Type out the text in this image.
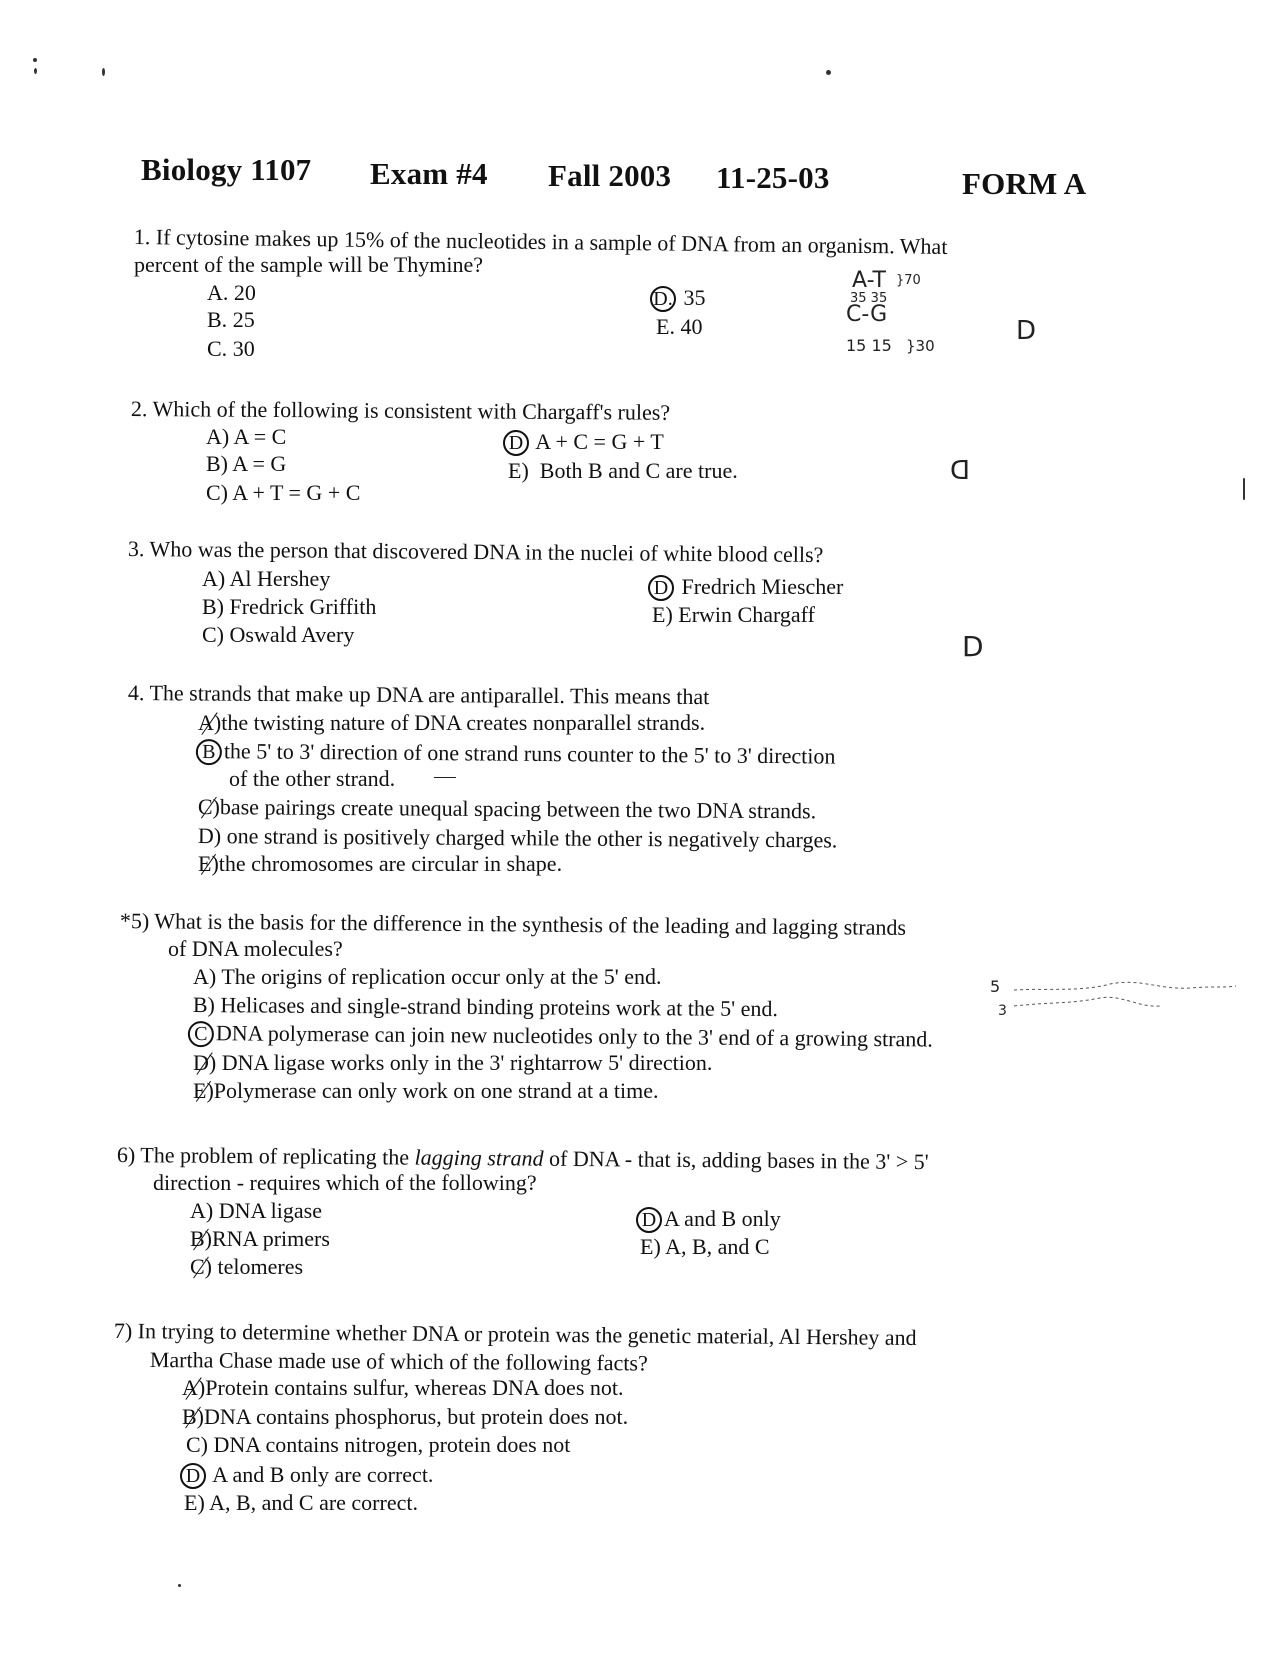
Biology 1107 Exam #4 Fall 2003 11-25-03	FORM A
1. If cytosine makes up 15% of the nucleotides in a sample of DNA from an organism. What
percent of the sample will be Thymine?
A. 20
B. 25
C. 30
D. 35
E. 40
A-T }70
35 35
C-G
15 15 }30	D
2. Which of the following is consistent with Chargaff's rules?
A) A = C
B) A = G
C) A + T = G + C
D A + C = G + T
E) Both B and C are true.	D
3. Who was the person that discovered DNA in the nuclei of white blood cells?
A) Al Hershey
B) Fredrick Griffith
C) Oswald Avery
D Fredrich Miescher
E) Erwin Chargaff
D
4. The strands that make up DNA are antiparallel. This means that
A)the twisting nature of DNA creates nonparallel strands.
B the 5' to 3' direction of one strand runs counter to the 5' to 3' direction
of the other strand.
C)base pairings create unequal spacing between the two DNA strands.
D) one strand is positively charged while the other is negatively charges.
E)the chromosomes are circular in shape.
*5) What is the basis for the difference in the synthesis of the leading and lagging strands
of DNA molecules?
A) The origins of replication occur only at the 5' end.
B) Helicases and single-strand binding proteins work at the 5' end.
C DNA polymerase can join new nucleotides only to the 3' end of a growing strand.
D) DNA ligase works only in the 3' rightarrow 5' direction.
E)Polymerase can only work on one strand at a time.
5
3
6) The problem of replicating the lagging strand of DNA - that is, adding bases in the 3' > 5'
direction - requires which of the following?
A) DNA ligase
B)RNA primers
C) telomeres
D A and B only
E) A, B, and C
7) In trying to determine whether DNA or protein was the genetic material, Al Hershey and
Martha Chase made use of which of the following facts?
A)Protein contains sulfur, whereas DNA does not.
B)DNA contains phosphorus, but protein does not.
C) DNA contains nitrogen, protein does not
D A and B only are correct.
E) A, B, and C are correct.
